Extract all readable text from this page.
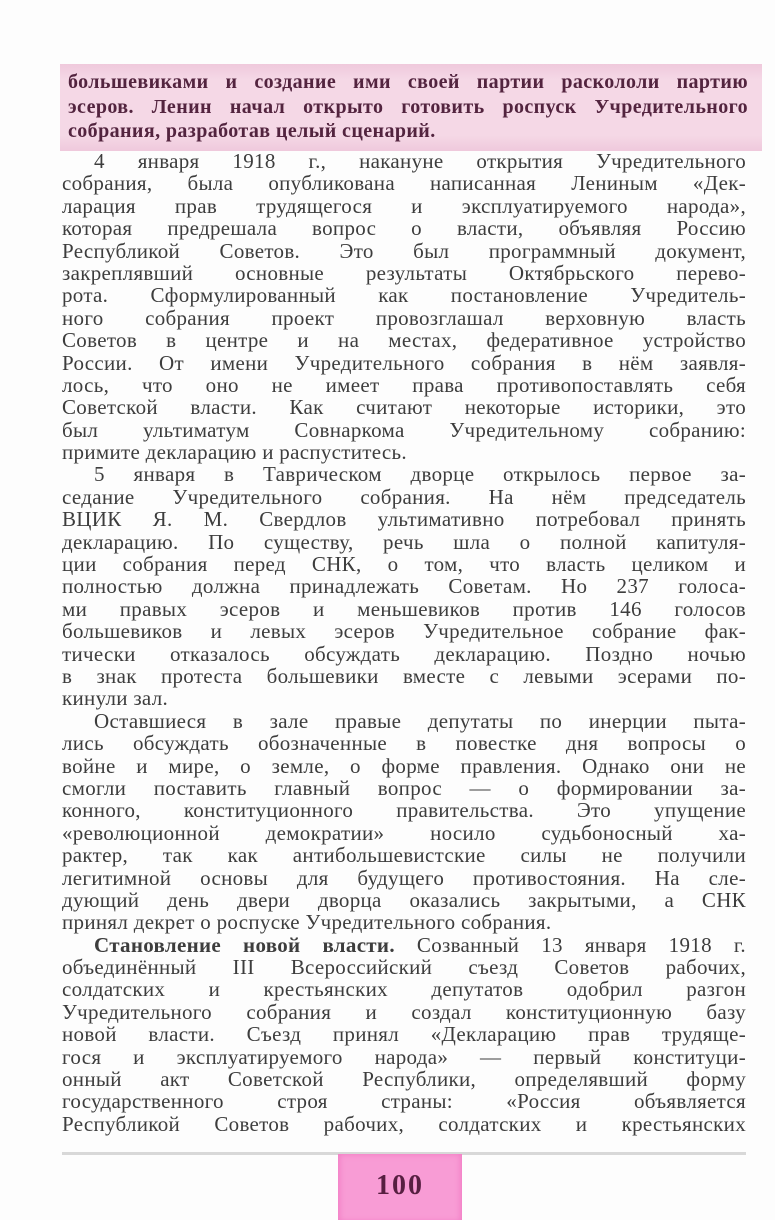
большевиками и создание ими своей партии раскололи партию
эсеров. Ленин начал открыто готовить роспуск Учредительного
собрания, разработав целый сценарий.
4 января 1918 г., накануне открытия Учредительного
собрания, была опубликована написанная Лениным «Дек-
ларация прав трудящегося и эксплуатируемого народа»,
которая предрешала вопрос о власти, объявляя Россию
Республикой Советов. Это был программный документ,
закреплявший основные результаты Октябрьского перево-
рота. Сформулированный как постановление Учредитель-
ного собрания проект провозглашал верховную власть
Советов в центре и на местах, федеративное устройство
России. От имени Учредительного собрания в нём заявля-
лось, что оно не имеет права противопоставлять себя
Советской власти. Как считают некоторые историки, это
был ультиматум Совнаркома Учредительному собранию:
примите декларацию и распуститесь.
5 января в Таврическом дворце открылось первое за-
седание Учредительного собрания. На нём председатель
ВЦИК Я. М. Свердлов ультимативно потребовал принять
декларацию. По существу, речь шла о полной капитуля-
ции собрания перед СНК, о том, что власть целиком и
полностью должна принадлежать Советам. Но 237 голоса-
ми правых эсеров и меньшевиков против 146 голосов
большевиков и левых эсеров Учредительное собрание фак-
тически отказалось обсуждать декларацию. Поздно ночью
в знак протеста большевики вместе с левыми эсерами по-
кинули зал.
Оставшиеся в зале правые депутаты по инерции пыта-
лись обсуждать обозначенные в повестке дня вопросы о
войне и мире, о земле, о форме правления. Однако они не
смогли поставить главный вопрос — о формировании за-
конного, конституционного правительства. Это упущение
«революционной демократии» носило судьбоносный ха-
рактер, так как антибольшевистские силы не получили
легитимной основы для будущего противостояния. На сле-
дующий день двери дворца оказались закрытыми, а СНК
принял декрет о роспуске Учредительного собрания.
Становление новой власти. Созванный 13 января 1918 г.
объединённый III Всероссийский съезд Советов рабочих,
солдатских и крестьянских депутатов одобрил разгон
Учредительного собрания и создал конституционную базу
новой власти. Съезд принял «Декларацию прав трудяще-
гося и эксплуатируемого народа» — первый конституци-
онный акт Советской Республики, определявший форму
государственного строя страны: «Россия объявляется
Республикой Советов рабочих, солдатских и крестьянских
100
